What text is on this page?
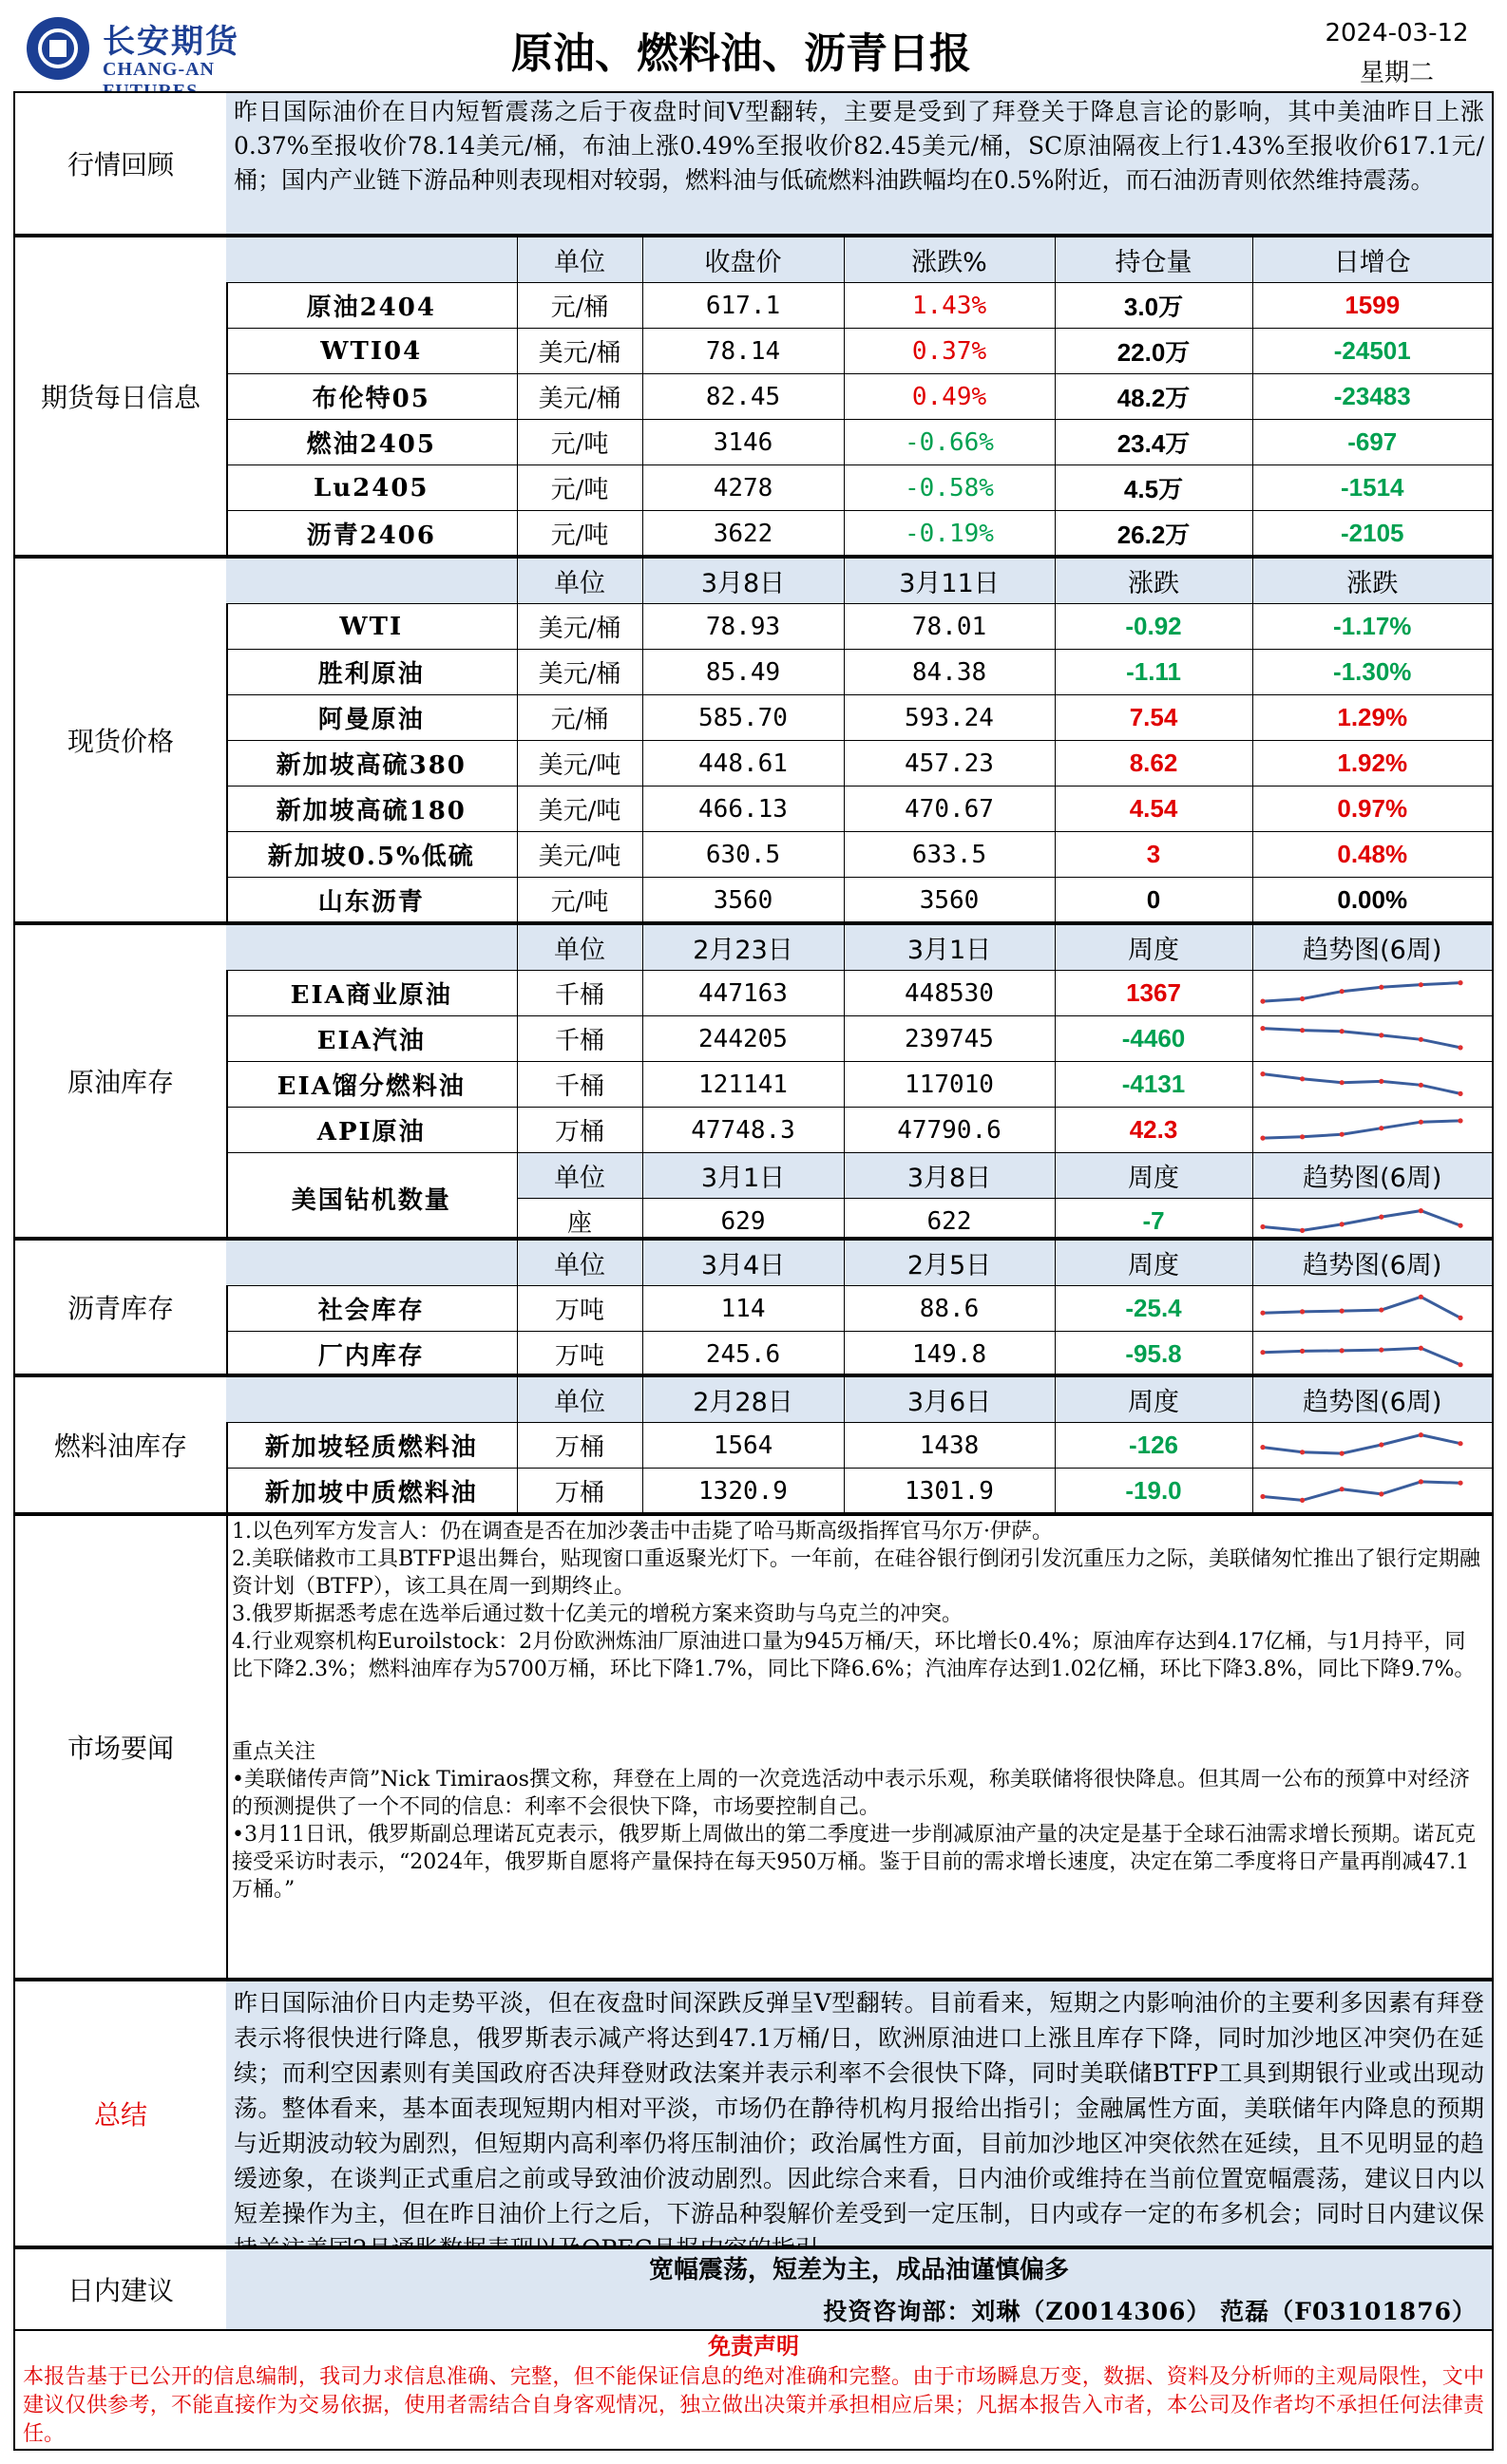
长安期货
CHANG-AN	原油、燃料油、沥青日报	2024-03-12
星期二
行情回顾
昨日国际油价在日内短暂震荡之后于夜盘时间V型翻转，主要是受到了拜登关于降息言论的影响，其中美油昨日上涨0.37%至报收价78.14美元/桶，布油上涨0.49%至报收价82.45美元/桶，SC原油隔夜上行1.43%至报收价617.1元/桶；国内产业链下游品种则表现相对较弱，燃料油与低硫燃料油跌幅均在0.5%附近，而石油沥青则依然维持震荡。
期货每日信息
	单位	收盘价	涨跌%	持仓量	日增仓
原油2404	元/桶	617.1	1.43%	3.0万	1599
WTI04	美元/桶	78.14	0.37%	22.0万	-24501
布伦特05	美元/桶	82.45	0.49%	48.2万	-23483
燃油2405	元/吨	3146	-0.66%	23.4万	-697
Lu2405	元/吨	4278	-0.58%	4.5万	-1514
沥青2406	元/吨	3622	-0.19%	26.2万	-2105
现货价格
	单位	3月8日	3月11日	涨跌	涨跌
WTI	美元/桶	78.93	78.01	-0.92	-1.17%
胜利原油	美元/桶	85.49	84.38	-1.11	-1.30%
阿曼原油	元/桶	585.70	593.24	7.54	1.29%
新加坡高硫380	美元/吨	448.61	457.23	8.62	1.92%
新加坡高硫180	美元/吨	466.13	470.67	4.54	0.97%
新加坡0.5%低硫	美元/吨	630.5	633.5	3	0.48%
山东沥青	元/吨	3560	3560	0	0.00%
原油库存
	单位	2月23日	3月1日	周度	趋势图(6周)
EIA商业原油	千桶	447163	448530	1367	

EIA汽油	千桶	244205	239745	-4460	

EIA馏分燃料油	千桶	121141	117010	-4131	

API原油	万桶	47748.3	47790.6	42.3	

美国钻机数量	单位	3月1日	3月8日	周度	趋势图(6周)
	座	629	622	-7	
沥青库存
	单位	3月4日	2月5日	周度	趋势图(6周)
社会库存	万吨	114	88.6	-25.4	

厂内库存	万吨	245.6	149.8	-95.8	
燃料油库存
	单位	2月28日	3月6日	周度	趋势图(6周)
新加坡轻质燃料油	万桶	1564	1438	-126	

新加坡中质燃料油	万桶	1320.9	1301.9	-19.0	
市场要闻

1.以色列军方发言人：仍在调查是否在加沙袭击中击毙了哈马斯高级指挥官马尔万·伊萨。

2.美联储救市工具BTFP退出舞台，贴现窗口重返聚光灯下。一年前，在硅谷银行倒闭引发沉重压力之际，美联储匆忙推出了银行定期融资计划（BTFP），该工具在周一到期终止。

3.俄罗斯据悉考虑在选举后通过数十亿美元的增税方案来资助与乌克兰的冲突。

4.行业观察机构Euroilstock：2月份欧洲炼油厂原油进口量为945万桶/天，环比增长0.4%；原油库存达到4.17亿桶，与1月持平，同比下降2.3%；燃料油库存为5700万桶，环比下降1.7%，同比下降6.6%；汽油库存达到1.02亿桶，环比下降3.8%，同比下降9.7%。

重点关注

•美联储传声筒”Nick Timiraos撰文称，拜登在上周的一次竞选活动中表示乐观，称美联储将很快降息。但其周一公布的预算中对经济的预测提供了一个不同的信息：利率不会很快下降，市场要控制自己。

•3月11日讯，俄罗斯副总理诺瓦克表示，俄罗斯上周做出的第二季度进一步削减原油产量的决定是基于全球石油需求增长预期。诺瓦克接受采访时表示，“2024年，俄罗斯自愿将产量保持在每天950万桶。鉴于目前的需求增长速度，决定在第二季度将日产量再削减47.1万桶。”

总结
昨日国际油价日内走势平淡，但在夜盘时间深跌反弹呈V型翻转。目前看来，短期之内影响油价的主要利多因素有拜登表示将很快进行降息，俄罗斯表示减产将达到47.1万桶/日，欧洲原油进口上涨且库存下降，同时加沙地区冲突仍在延续；而利空因素则有美国政府否决拜登财政法案并表示利率不会很快下降，同时美联储BTFP工具到期银行业或出现动荡。整体看来，基本面表现短期内相对平淡，市场仍在静待机构月报给出指引；金融属性方面，美联储年内降息的预期与近期波动较为剧烈，但短期内高利率仍将压制油价；政治属性方面，目前加沙地区冲突依然在延续，且不见明显的趋缓迹象，在谈判正式重启之前或导致油价波动剧烈。因此综合来看，日内油价或维持在当前位置宽幅震荡，建议日内以短差操作为主，但在昨日油价上行之后，下游品种裂解价差受到一定压制，日内或存一定的布多机会；同时日内建议保
日内建议
宽幅震荡，短差为主，成品油谨慎偏多
投资咨询部：刘琳（Z0014306） 范磊（F03101876）
免责声明
本报告基于已公开的信息编制，我司力求信息准确、完整，但不能保证信息的绝对准确和完整。由于市场瞬息万变，数据、资料及分析师的主观局限性，文中建议仅供参考，不能直接作为交易依据，使用者需结合自身客观情况，独立做出决策并承担相应后果；凡据本报告入市者，本公司及作者均不承担任何法律责任。
